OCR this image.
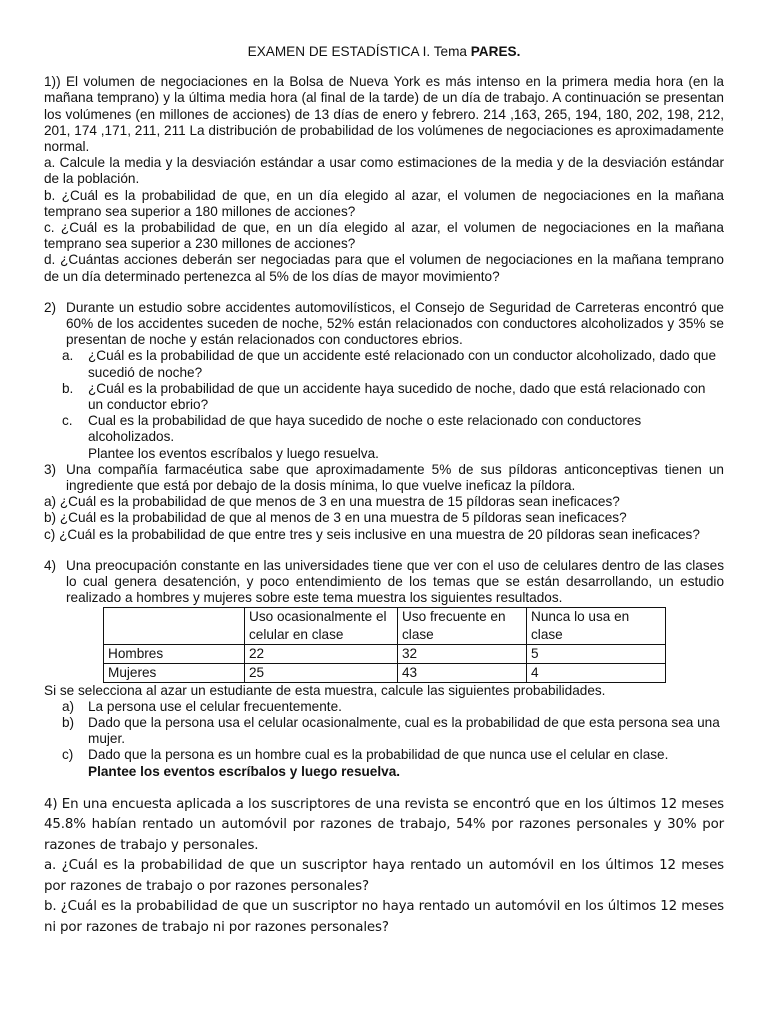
EXAMEN DE ESTADÍSTICA I. Tema PARES.

1)) El volumen de negociaciones en la Bolsa de Nueva York es más intenso en la primera media hora (en la mañana temprano) y la última media hora (al final de la tarde) de un día de trabajo. A continuación se presentan los volúmenes (en millones de acciones) de 13 días de enero y febrero. 214 ,163, 265, 194, 180, 202, 198, 212, 201, 174 ,171, 211, 211 La distribución de probabilidad de los volúmenes de negociaciones es aproximadamente normal.

a. Calcule la media y la desviación estándar a usar como estimaciones de la media y de la desviación estándar de la población.

b. ¿Cuál es la probabilidad de que, en un día elegido al azar, el volumen de negociaciones en la mañana temprano sea superior a 180 millones de acciones?

c. ¿Cuál es la probabilidad de que, en un día elegido al azar, el volumen de negociaciones en la mañana temprano sea superior a 230 millones de acciones?

d. ¿Cuántas acciones deberán ser negociadas para que el volumen de negociaciones en la mañana temprano de un día determinado pertenezca al 5% de los días de mayor movimiento?

2) Durante un estudio sobre accidentes automovilísticos, el Consejo de Seguridad de Carreteras encontró que 60% de los accidentes suceden de noche, 52% están relacionados con conductores alcoholizados y 35% se presentan de noche y están relacionados con conductores ebrios.
a.	¿Cuál es la probabilidad de que un accidente esté relacionado con un conductor alcoholizado, dado que sucedió de noche?
b.	¿Cuál es la probabilidad de que un accidente haya sucedido de noche, dado que está relacionado con un conductor ebrio?
c.	Cual es la probabilidad de que haya sucedido de noche o este relacionado con conductores alcoholizados.
Plantee los eventos escríbalos y luego resuelva.
3) Una compañía farmacéutica sabe que aproximadamente 5% de sus píldoras anticonceptivas tienen un ingrediente que está por debajo de la dosis mínima, lo que vuelve ineficaz la píldora.

a) ¿Cuál es la probabilidad de que menos de 3 en una muestra de 15 píldoras sean ineficaces?

b) ¿Cuál es la probabilidad de que al menos de 3 en una muestra de 5 píldoras sean ineficaces?

c) ¿Cuál es la probabilidad de que entre tres y seis inclusive en una muestra de 20 píldoras sean ineficaces?

4) Una preocupación constante en las universidades tiene que ver con el uso de celulares dentro de las clases lo cual genera desatención, y poco entendimiento de los temas que se están desarrollando, un estudio realizado a hombres y mujeres sobre este tema muestra los siguientes resultados.
	Uso ocasionalmente el celular en clase	Uso frecuente en clase	Nunca lo usa en clase
Hombres	22	32	5
Mujeres	25	43	4

Si se selecciona al azar un estudiante de esta muestra, calcule las siguientes probabilidades.

a)	La persona use el celular frecuentemente.
b)	Dado que la persona usa el celular ocasionalmente, cual es la probabilidad de que esta persona sea una mujer.
c)	Dado que la persona es un hombre cual es la probabilidad de que nunca use el celular en clase.
Plantee los eventos escríbalos y luego resuelva.

4) En una encuesta aplicada a los suscriptores de una revista se encontró que en los últimos 12 meses 45.8% habían rentado un automóvil por razones de trabajo, 54% por razones personales y 30% por razones de trabajo y personales.

a. ¿Cuál es la probabilidad de que un suscriptor haya rentado un automóvil en los últimos 12 meses por razones de trabajo o por razones personales?

b. ¿Cuál es la probabilidad de que un suscriptor no haya rentado un automóvil en los últimos 12 meses ni por razones de trabajo ni por razones personales?
